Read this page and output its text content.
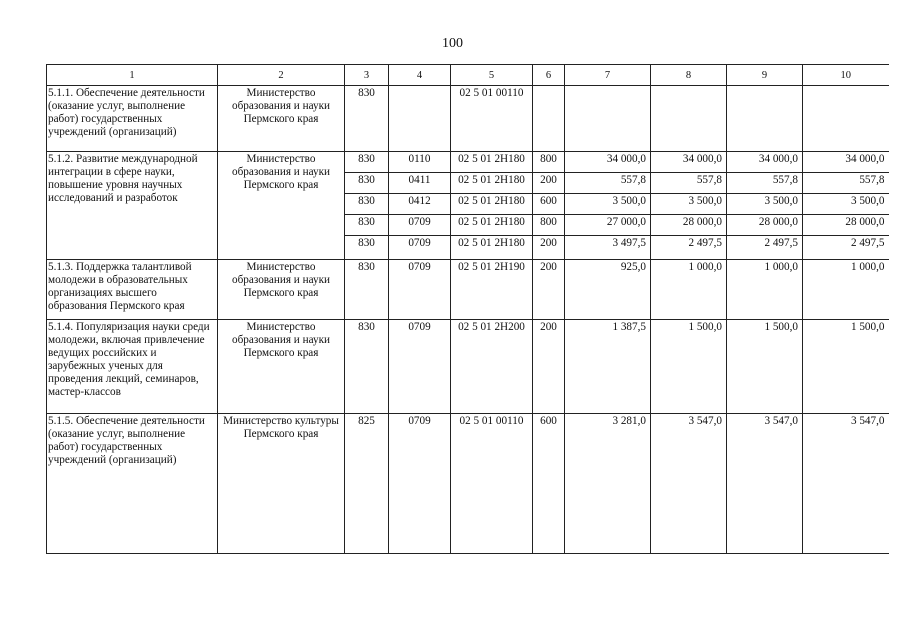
100
1	2	3	4	5	6	7	8	9	10
5.1.1. Обеспечение деятельности (оказание услуг, выполнение работ) государственных учреждений (организаций)	Министерство образования и науки Пермского края	830		02 5 01 00110					
5.1.2. Развитие международной интеграции в сфере науки, повышение уровня научных исследований и разработок	Министерство образования и науки Пермского края	830	0110	02 5 01 2Н180	800	34 000,0	34 000,0	34 000,0	34 000,0
		830	0411	02 5 01 2Н180	200	557,8	557,8	557,8	557,8
		830	0412	02 5 01 2Н180	600	3 500,0	3 500,0	3 500,0	3 500,0
		830	0709	02 5 01 2Н180	800	27 000,0	28 000,0	28 000,0	28 000,0
		830	0709	02 5 01 2Н180	200	3 497,5	2 497,5	2 497,5	2 497,5
5.1.3. Поддержка талантливой молодежи в образовательных организациях высшего образования Пермского края	Министерство образования и науки Пермского края	830	0709	02 5 01 2Н190	200	925,0	1 000,0	1 000,0	1 000,0
5.1.4. Популяризация науки среди молодежи, включая привлечение ведущих российских и зарубежных ученых для проведения лекций, семинаров, мастер-классов	Министерство образования и науки Пермского края	830	0709	02 5 01 2Н200	200	1 387,5	1 500,0	1 500,0	1 500,0
5.1.5. Обеспечение деятельности (оказание услуг, выполнение работ) государственных учреждений (организаций)	Министерство культуры Пермского края	825	0709	02 5 01 00110	600	3 281,0	3 547,0	3 547,0	3 547,0
